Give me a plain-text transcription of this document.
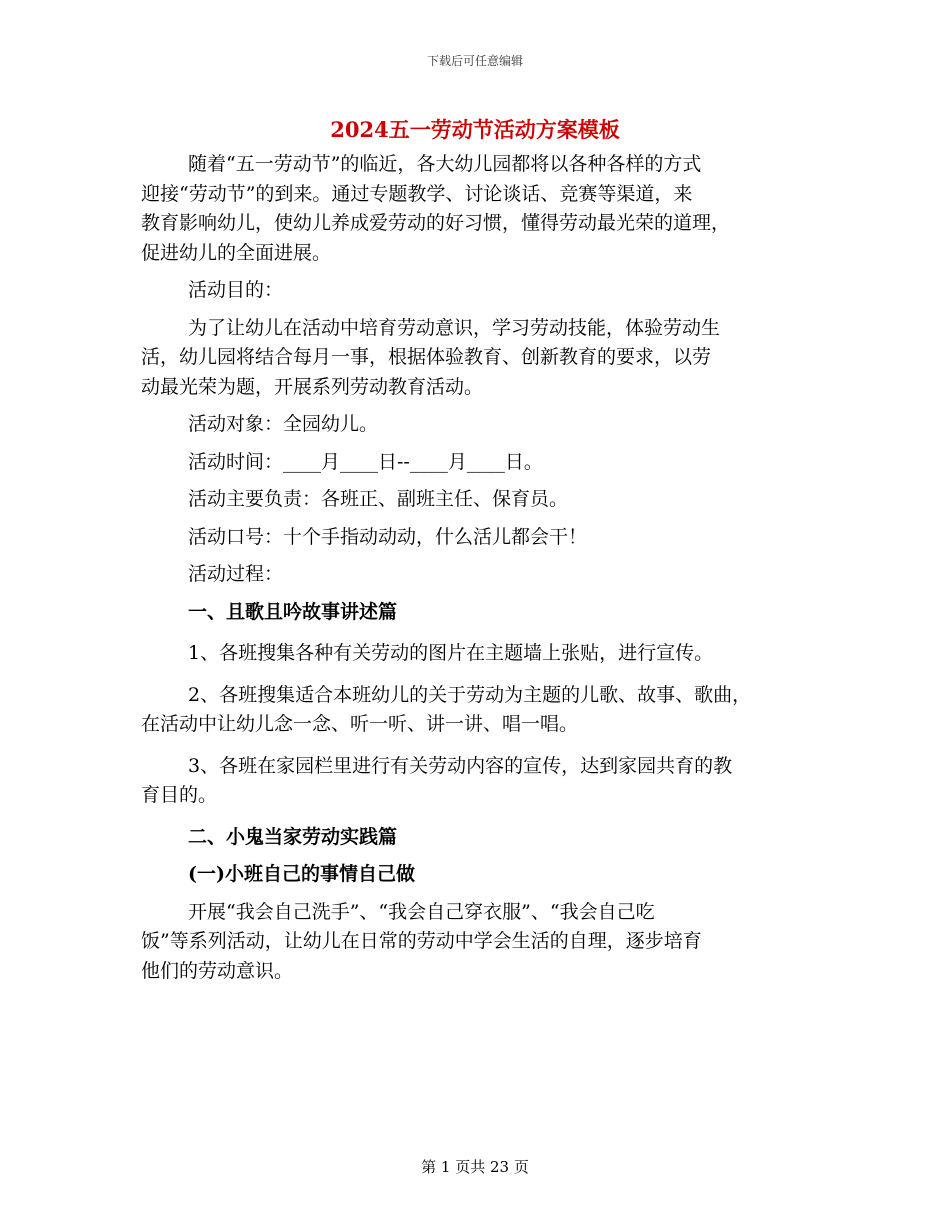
下载后可任意编辑
2024五一劳动节活动方案模板

随着“五一劳动节”的临近，各大幼儿园都将以各种各样的方式

迎接“劳动节”的到来。通过专题教学、讨论谈话、竞赛等渠道，来

教育影响幼儿，使幼儿养成爱劳动的好习惯，懂得劳动最光荣的道理，

促进幼儿的全面进展。

活动目的：

为了让幼儿在活动中培育劳动意识，学习劳动技能，体验劳动生

活，幼儿园将结合每月一事，根据体验教育、创新教育的要求，以劳

动最光荣为题，开展系列劳动教育活动。

活动对象：全园幼儿。

活动时间：____月____日--____月____日。

活动主要负责：各班正、副班主任、保育员。

活动口号：十个手指动动动，什么活儿都会干！

活动过程：

一、且歌且吟故事讲述篇

1、各班搜集各种有关劳动的图片在主题墙上张贴，进行宣传。

2、各班搜集适合本班幼儿的关于劳动为主题的儿歌、故事、歌曲，

在活动中让幼儿念一念、听一听、讲一讲、唱一唱。

3、各班在家园栏里进行有关劳动内容的宣传，达到家园共育的教

育目的。

二、小鬼当家劳动实践篇

(一)小班自己的事情自己做

开展“我会自己洗手”、“我会自己穿衣服”、“我会自己吃

饭”等系列活动，让幼儿在日常的劳动中学会生活的自理，逐步培育

他们的劳动意识。

第 1 页共 23 页
